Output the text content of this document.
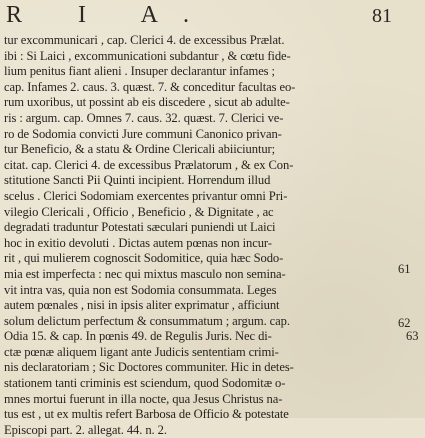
R I A.	81
tur excommunicari , cap. Clerici 4. de excessibus Prælat.
ibi : Si Laici , excommunicationi subdantur , & cœtu fide-
lium penitus fiant alieni . Insuper declarantur infames ;
cap. Infames 2. caus. 3. quæst. 7. & conceditur facultas eo-
rum uxoribus, ut possint ab eis discedere , sicut ab adulte-
ris : argum. cap. Omnes 7. caus. 32. quæst. 7. Clerici ve-
ro de Sodomia convicti Jure communi Canonico privan-
tur Beneficio, & a statu & Ordine Clericali abiiciuntur;
citat. cap. Clerici 4. de excessibus Prælatorum , & ex Con-
stitutione Sancti Pii Quinti incipient. Horrendum illud
scelus . Clerici Sodomiam exercentes privantur omni Pri-
vilegio Clericali , Officio , Beneficio , & Dignitate , ac
degradati traduntur Potestati sæculari puniendi ut Laici
hoc in exitio devoluti . Dictas autem pœnas non incur-
rit , qui mulierem cognoscit Sodomitice, quia hæc Sodo-
mia est imperfecta : nec qui mixtus masculo non semina-
vit intra vas, quia non est Sodomia consummata. Leges
autem pœnales , nisi in ipsis aliter exprimatur , afficiunt
solum delictum perfectum & consummatum ; argum. cap.
Odia 15. & cap. In pœnis 49. de Regulis Juris. Nec di-
ctæ pœnæ aliquem ligant ante Judicis sententiam crimi-
nis declaratoriam ; Sic Doctores communiter. Hic in detes-
stationem tanti criminis est sciendum, quod Sodomitæ o-
mnes mortui fuerunt in illa nocte, qua Jesus Christus na-
tus est , ut ex multis refert Barbosa de Officio & potestate
Episcopi part. 2. allegat. 44. n. 2.
61
62
63
